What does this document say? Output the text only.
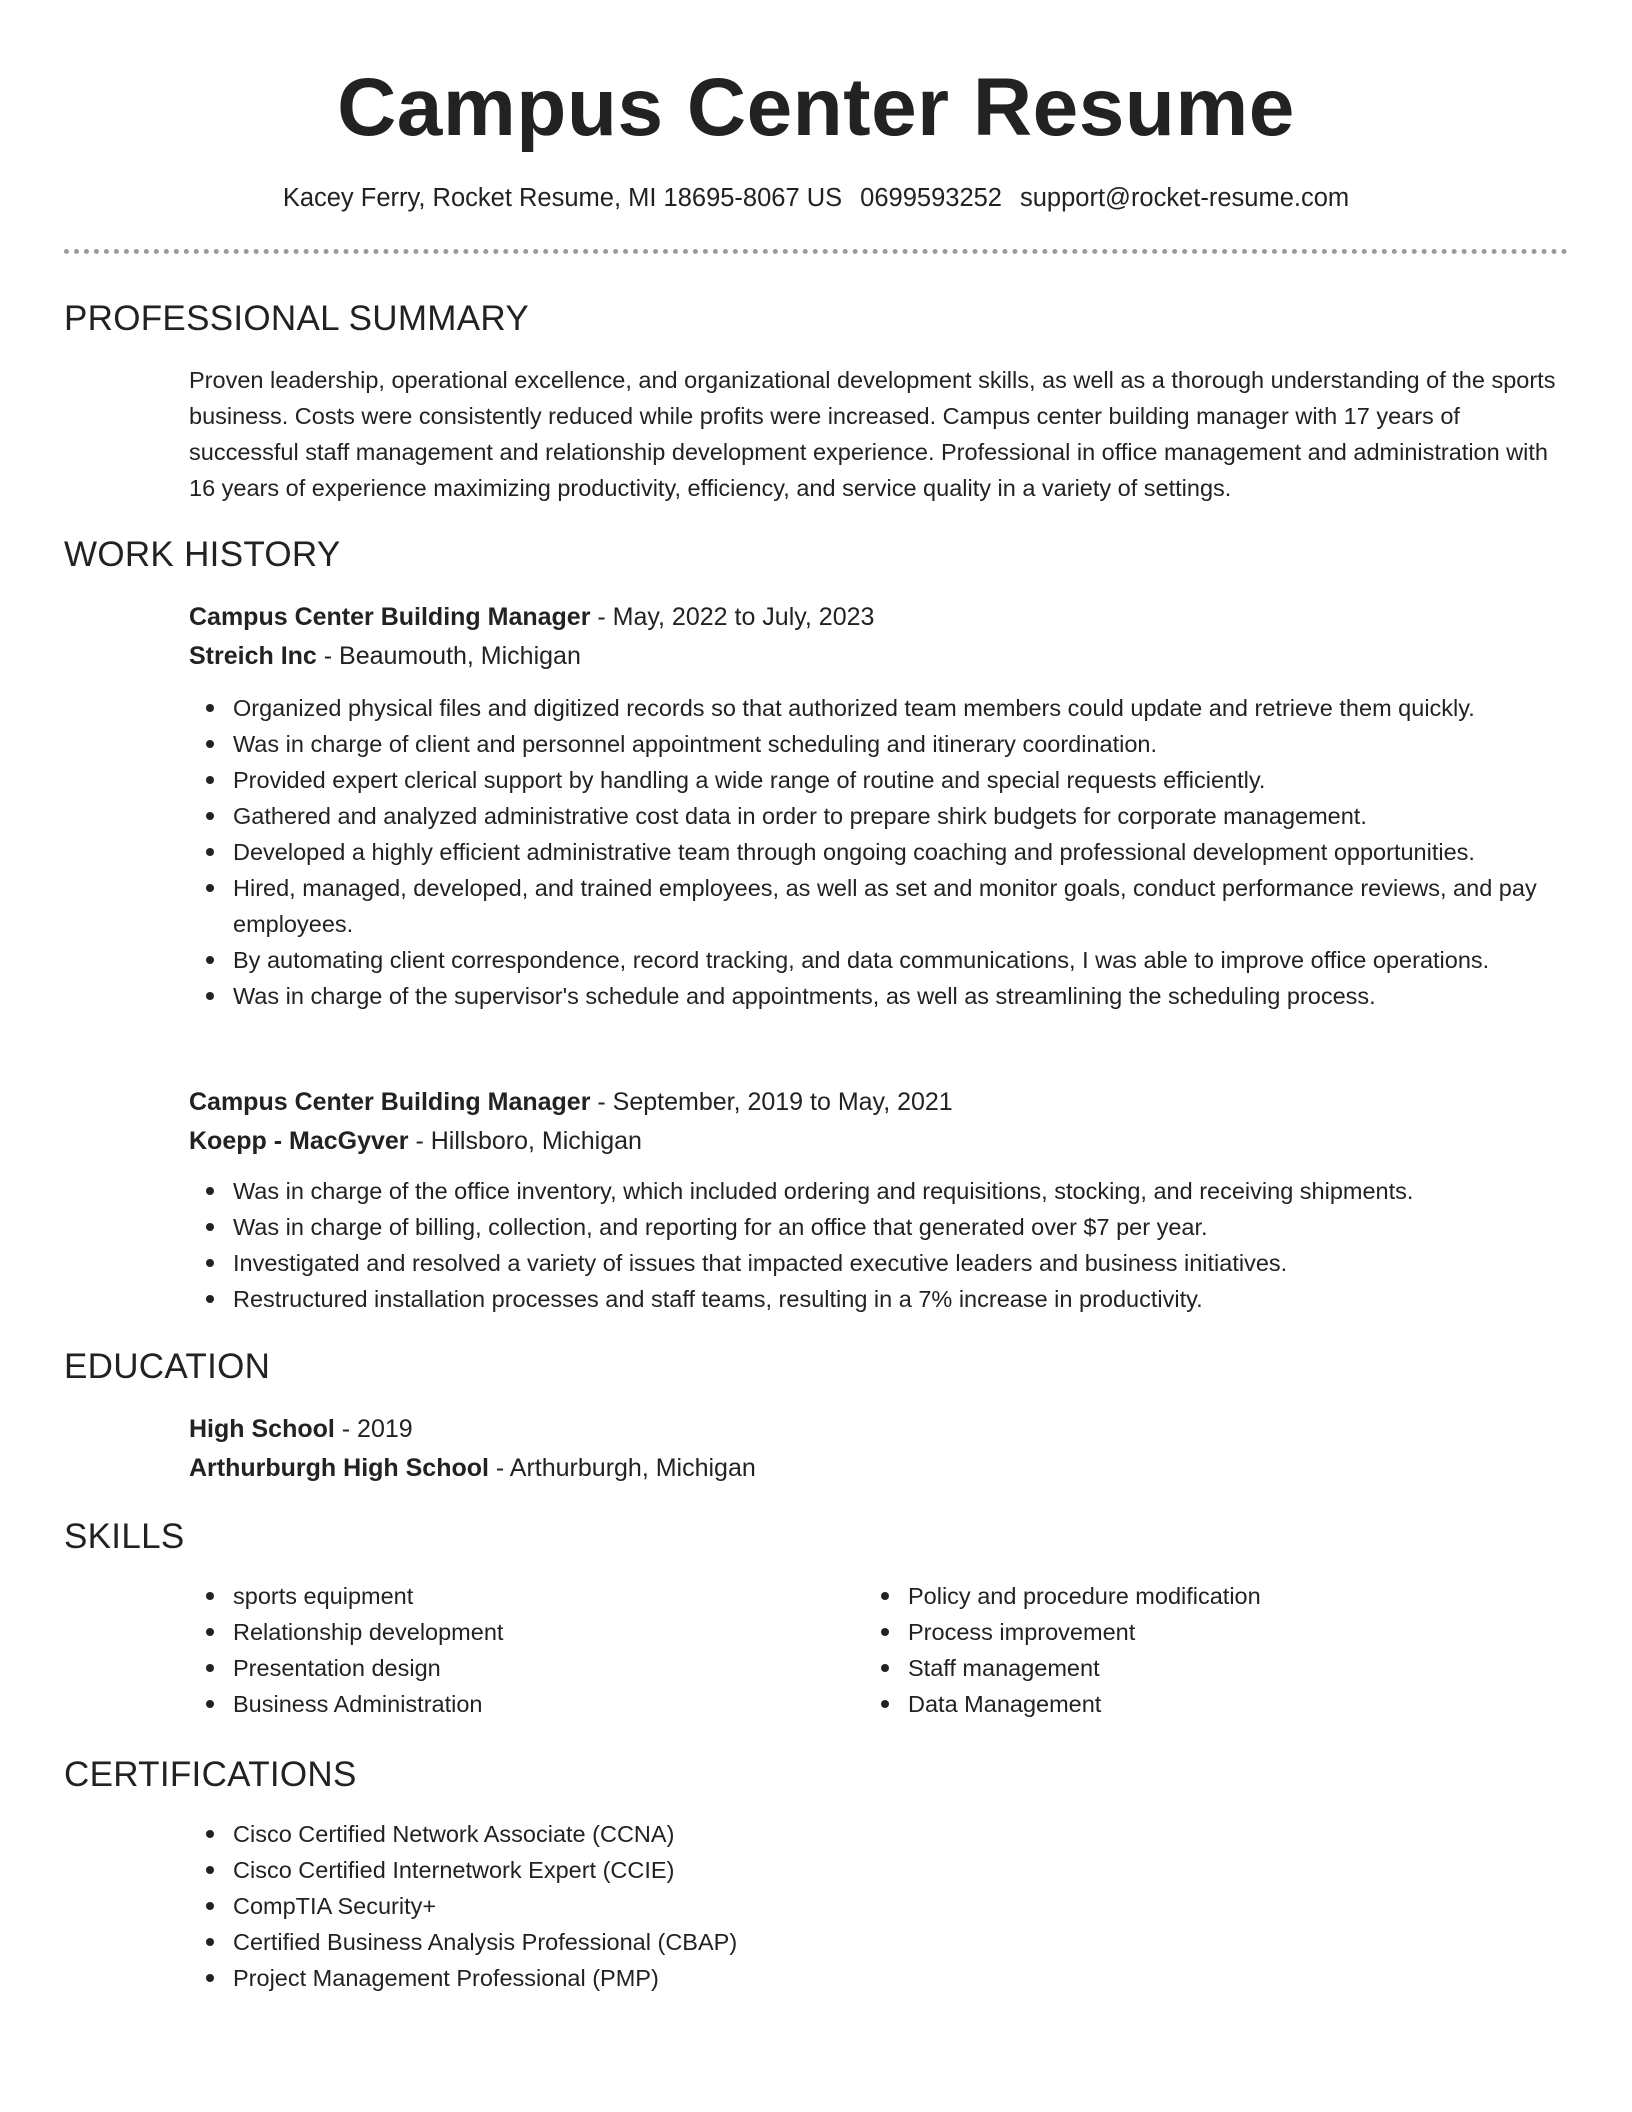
Campus Center Resume
Kacey Ferry, Rocket Resume, MI 18695-8067 US 0699593252 support@rocket-resume.com
PROFESSIONAL SUMMARY
Proven leadership, operational excellence, and organizational development skills, as well as a thorough understanding of the sports business. Costs were consistently reduced while profits were increased. Campus center building manager with 17 years of successful staff management and relationship development experience. Professional in office management and administration with 16 years of experience maximizing productivity, efficiency, and service quality in a variety of settings.
WORK HISTORY
Campus Center Building Manager - May, 2022 to July, 2023
Streich Inc - Beaumouth, Michigan
Organized physical files and digitized records so that authorized team members could update and retrieve them quickly.
Was in charge of client and personnel appointment scheduling and itinerary coordination.
Provided expert clerical support by handling a wide range of routine and special requests efficiently.
Gathered and analyzed administrative cost data in order to prepare shirk budgets for corporate management.
Developed a highly efficient administrative team through ongoing coaching and professional development opportunities.
Hired, managed, developed, and trained employees, as well as set and monitor goals, conduct performance reviews, and pay employees.
By automating client correspondence, record tracking, and data communications, I was able to improve office operations.
Was in charge of the supervisor's schedule and appointments, as well as streamlining the scheduling process.
Campus Center Building Manager - September, 2019 to May, 2021
Koepp - MacGyver - Hillsboro, Michigan
Was in charge of the office inventory, which included ordering and requisitions, stocking, and receiving shipments.
Was in charge of billing, collection, and reporting for an office that generated over $7 per year.
Investigated and resolved a variety of issues that impacted executive leaders and business initiatives.
Restructured installation processes and staff teams, resulting in a 7% increase in productivity.
EDUCATION
High School - 2019
Arthurburgh High School - Arthurburgh, Michigan
SKILLS
sports equipment
Relationship development
Presentation design
Business Administration
Policy and procedure modification
Process improvement
Staff management
Data Management
CERTIFICATIONS
Cisco Certified Network Associate (CCNA)
Cisco Certified Internetwork Expert (CCIE)
CompTIA Security+
Certified Business Analysis Professional (CBAP)
Project Management Professional (PMP)
